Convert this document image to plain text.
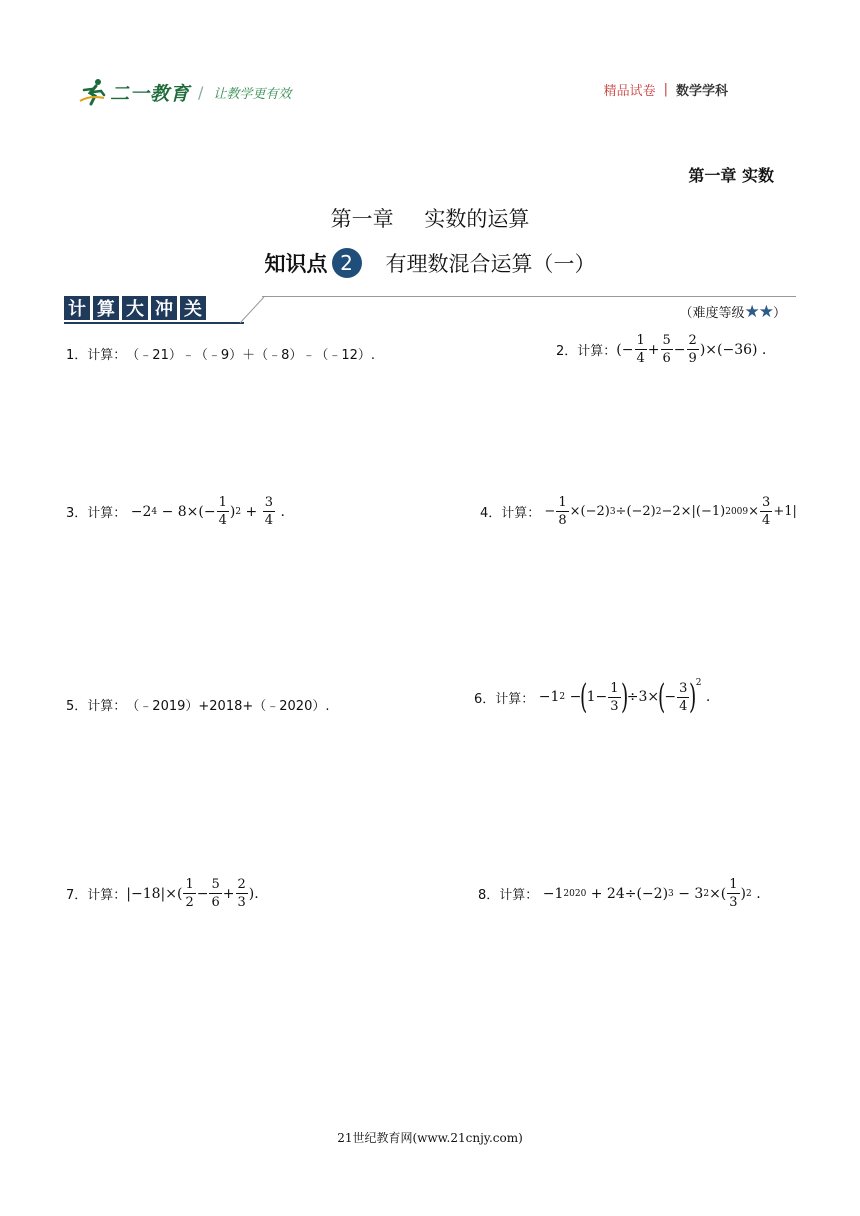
二一教育 / 让教学更有效	精品试卷 | 数学学科
第一章 实数
第一章 实数的运算
知识点 2	有理数混合运算（一）
计 算 大 冲 关	（难度等级★★）
1． 计算： （﹣21）﹣（﹣9）＋（﹣8）﹣（﹣12）.	2． 计算： (− $\frac{1}{4} + \frac{5}{6} - \frac{2}{9} )\times(-36)$ .
3． 计算： −2 $4 - 8\times(- \frac{1}{4}$ ) $2 + \frac{3}{4}$ .	4． 计算： − $\frac{1}{8} \times(-2)$ 3 ÷(−2) 2 −2×|(−1) $2009 \times \frac{3}{4} +1|$
5． 计算： （﹣2019）+2018+（﹣2020）.	6． 计算： −1 2 −
(
$1- \frac{1}{3}$ )
÷3×
(
− $\frac{3}{4}$ )
$^2$
.
7． 计算： $|-18|\times( \frac{1}{2} - \frac{5}{6} + \frac{2}{3}$ ).	8． 计算： −1 2020 + 24÷(−2) 3 − 3 2 ×( $\frac{1}{3}$ ) 2 .
21世纪教育网(www.21cnjy.com)
